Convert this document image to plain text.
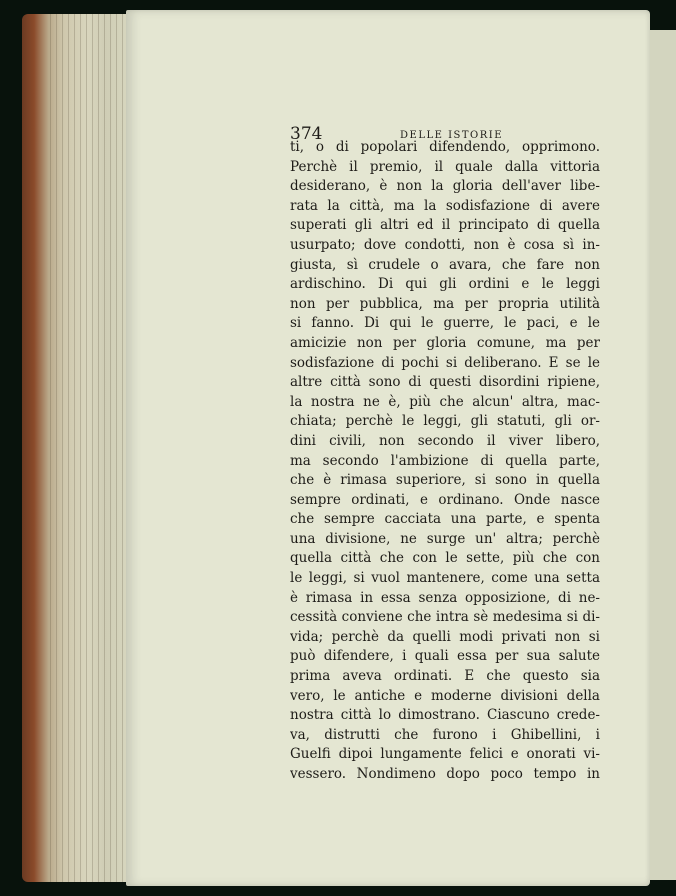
374	DELLE ISTORIE
ti, o di popolari difendendo, opprimono.
Perchè il premio, il quale dalla vittoria
desiderano, è non la gloria dell'aver libe-
rata la città, ma la sodisfazione di avere
superati gli altri ed il principato di quella
usurpato; dove condotti, non è cosa sì in-
giusta, sì crudele o avara, che fare non
ardischino. Di qui gli ordini e le leggi
non per pubblica, ma per propria utilità
si fanno. Di qui le guerre, le paci, e le
amicizie non per gloria comune, ma per
sodisfazione di pochi si deliberano. E se le
altre città sono di questi disordini ripiene,
la nostra ne è, più che alcun' altra, mac-
chiata; perchè le leggi, gli statuti, gli or-
dini civili, non secondo il viver libero,
ma secondo l'ambizione di quella parte,
che è rimasa superiore, si sono in quella
sempre ordinati, e ordinano. Onde nasce
che sempre cacciata una parte, e spenta
una divisione, ne surge un' altra; perchè
quella città che con le sette, più che con
le leggi, si vuol mantenere, come una setta
è rimasa in essa senza opposizione, di ne-
cessità conviene che intra sè medesima si di-
vida; perchè da quelli modi privati non si
può difendere, i quali essa per sua salute
prima aveva ordinati. E che questo sia
vero, le antiche e moderne divisioni della
nostra città lo dimostrano. Ciascuno crede-
va, distrutti che furono i Ghibellini, i
Guelfi dipoi lungamente felici e onorati vi-
vessero. Nondimeno dopo poco tempo in
